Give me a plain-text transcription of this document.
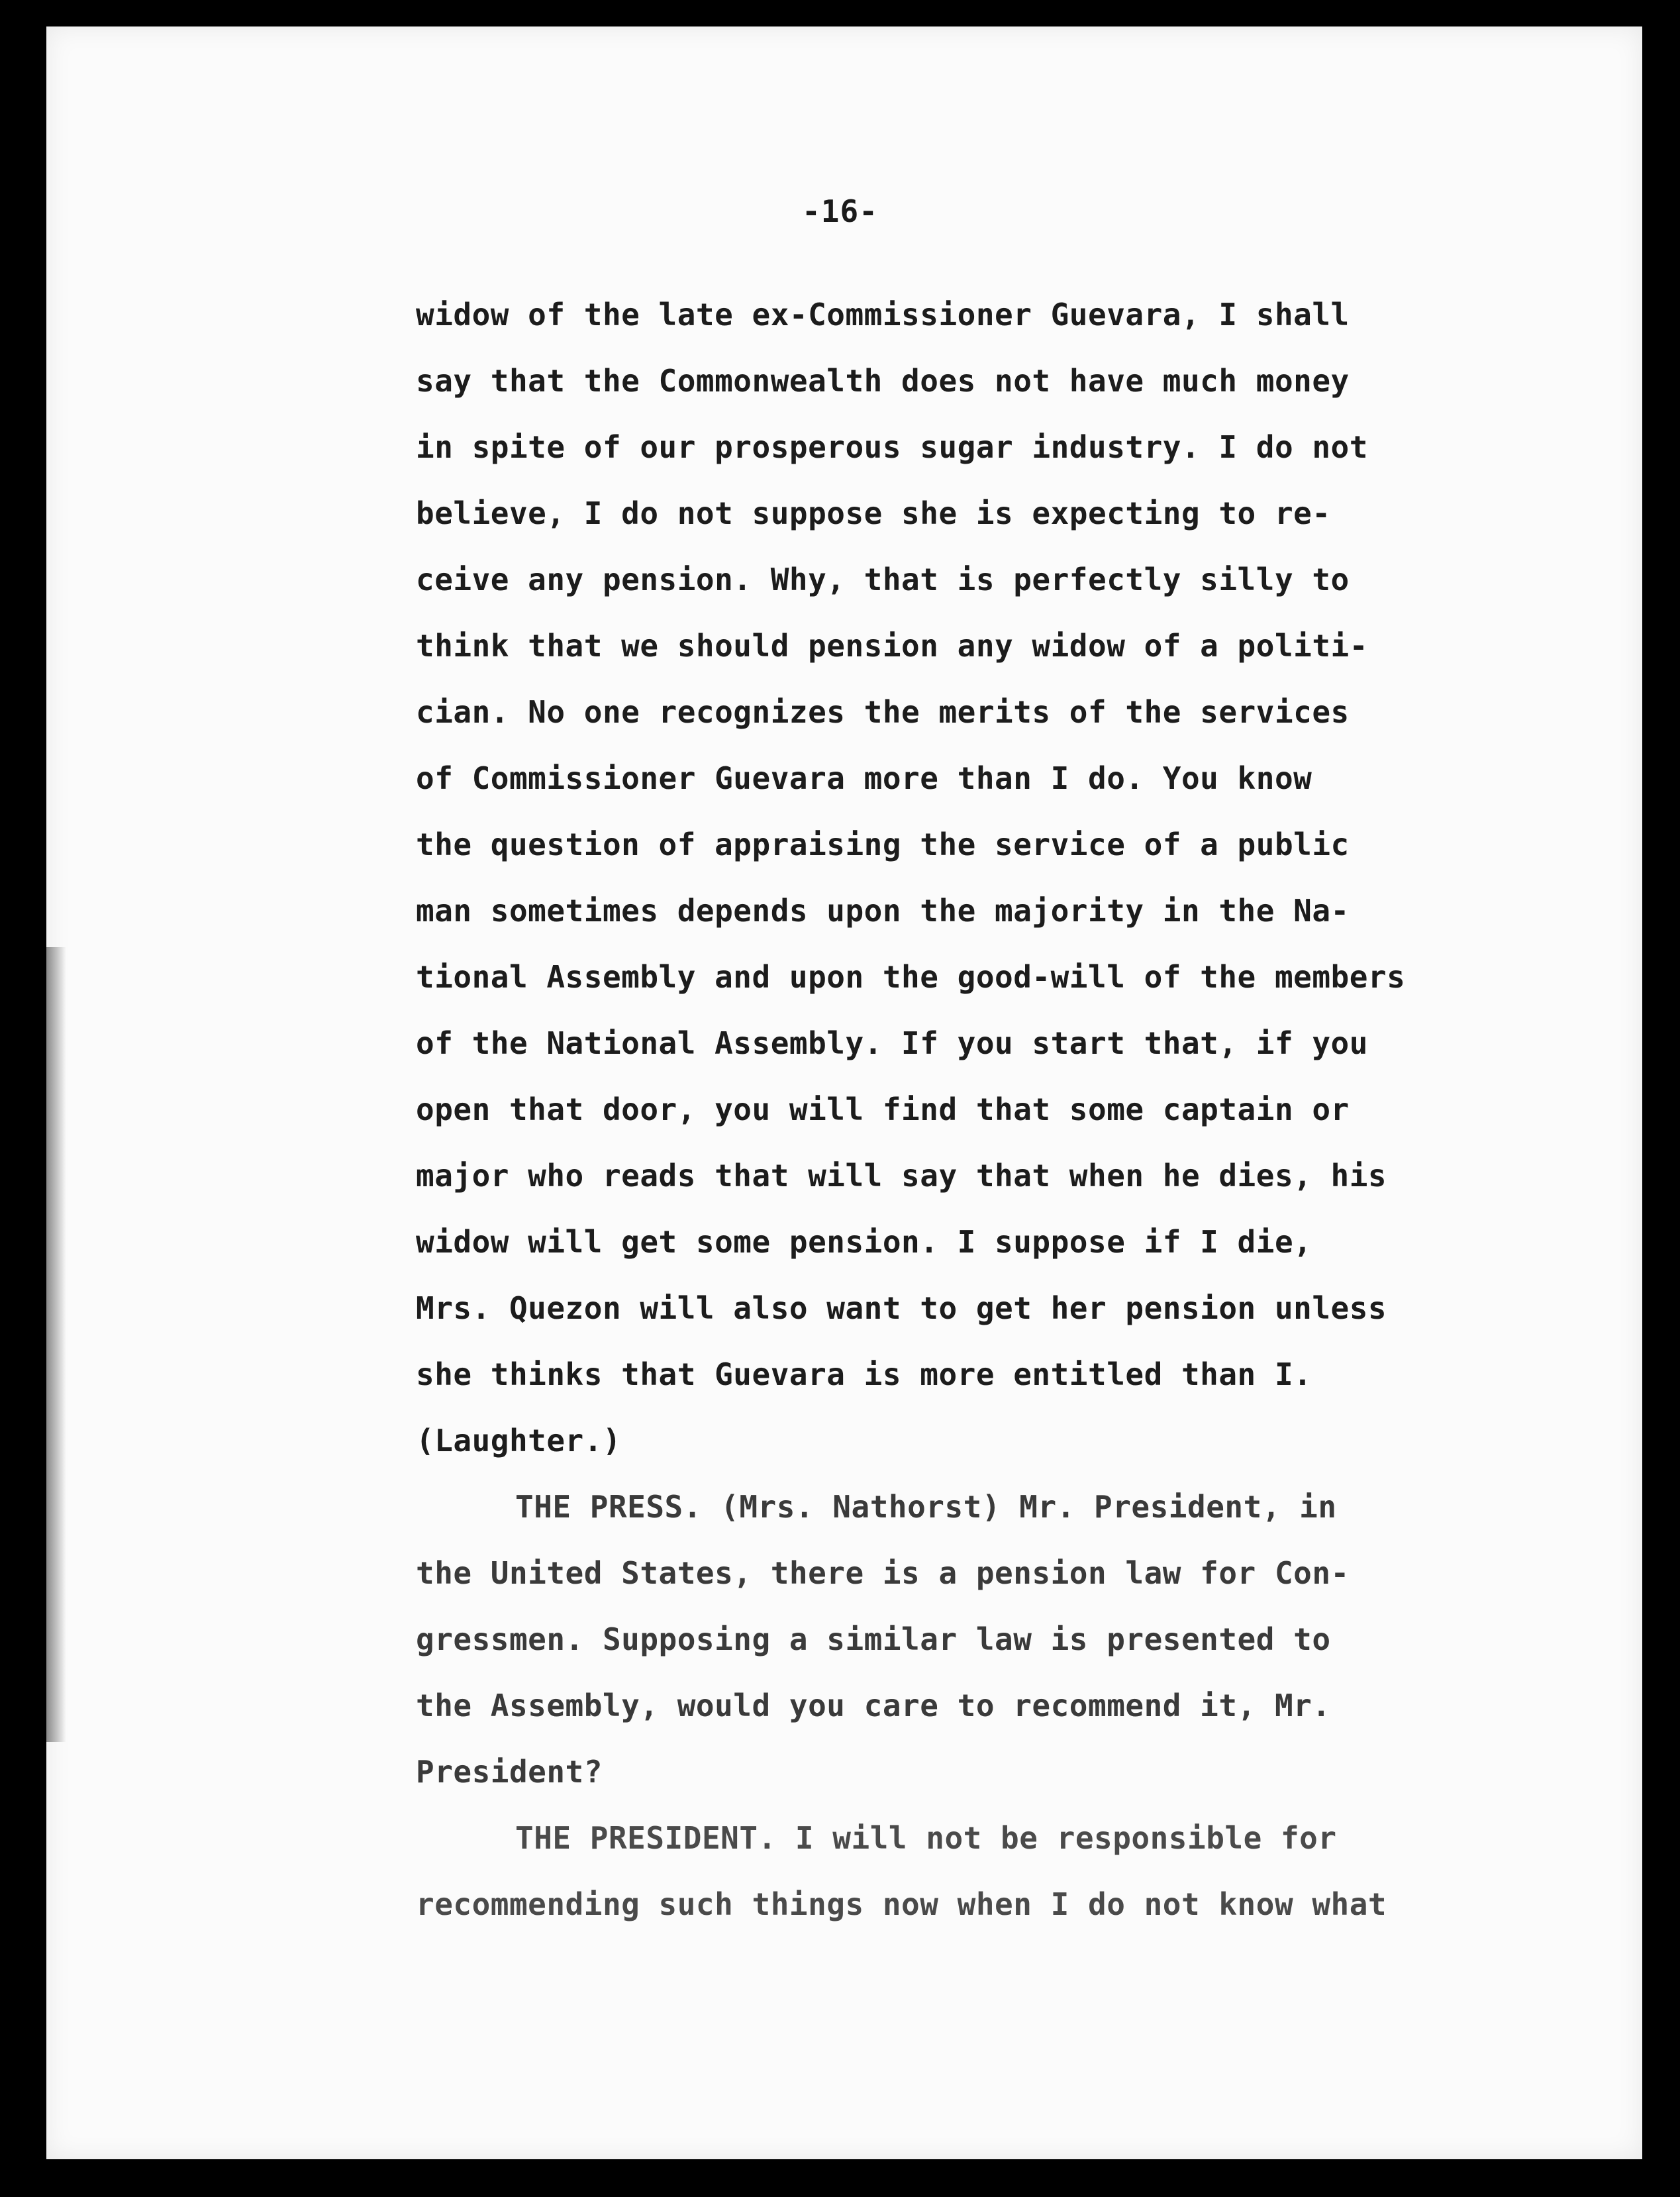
-16-
widow of the late ex-Commissioner Guevara, I shall
say that the Commonwealth does not have much money
in spite of our prosperous sugar industry. I do not
believe, I do not suppose she is expecting to re-
ceive any pension. Why, that is perfectly silly to
think that we should pension any widow of a politi-
cian. No one recognizes the merits of the services
of Commissioner Guevara more than I do. You know
the question of appraising the service of a public
man sometimes depends upon the majority in the Na-
tional Assembly and upon the good-will of the members
of the National Assembly. If you start that, if you
open that door, you will find that some captain or
major who reads that will say that when he dies, his
widow will get some pension. I suppose if I die,
Mrs. Quezon will also want to get her pension unless
she thinks that Guevara is more entitled than I.
(Laughter.)
THE PRESS. (Mrs. Nathorst) Mr. President, in
the United States, there is a pension law for Con-
gressmen. Supposing a similar law is presented to
the Assembly, would you care to recommend it, Mr.
President?
THE PRESIDENT. I will not be responsible for
recommending such things now when I do not know what
